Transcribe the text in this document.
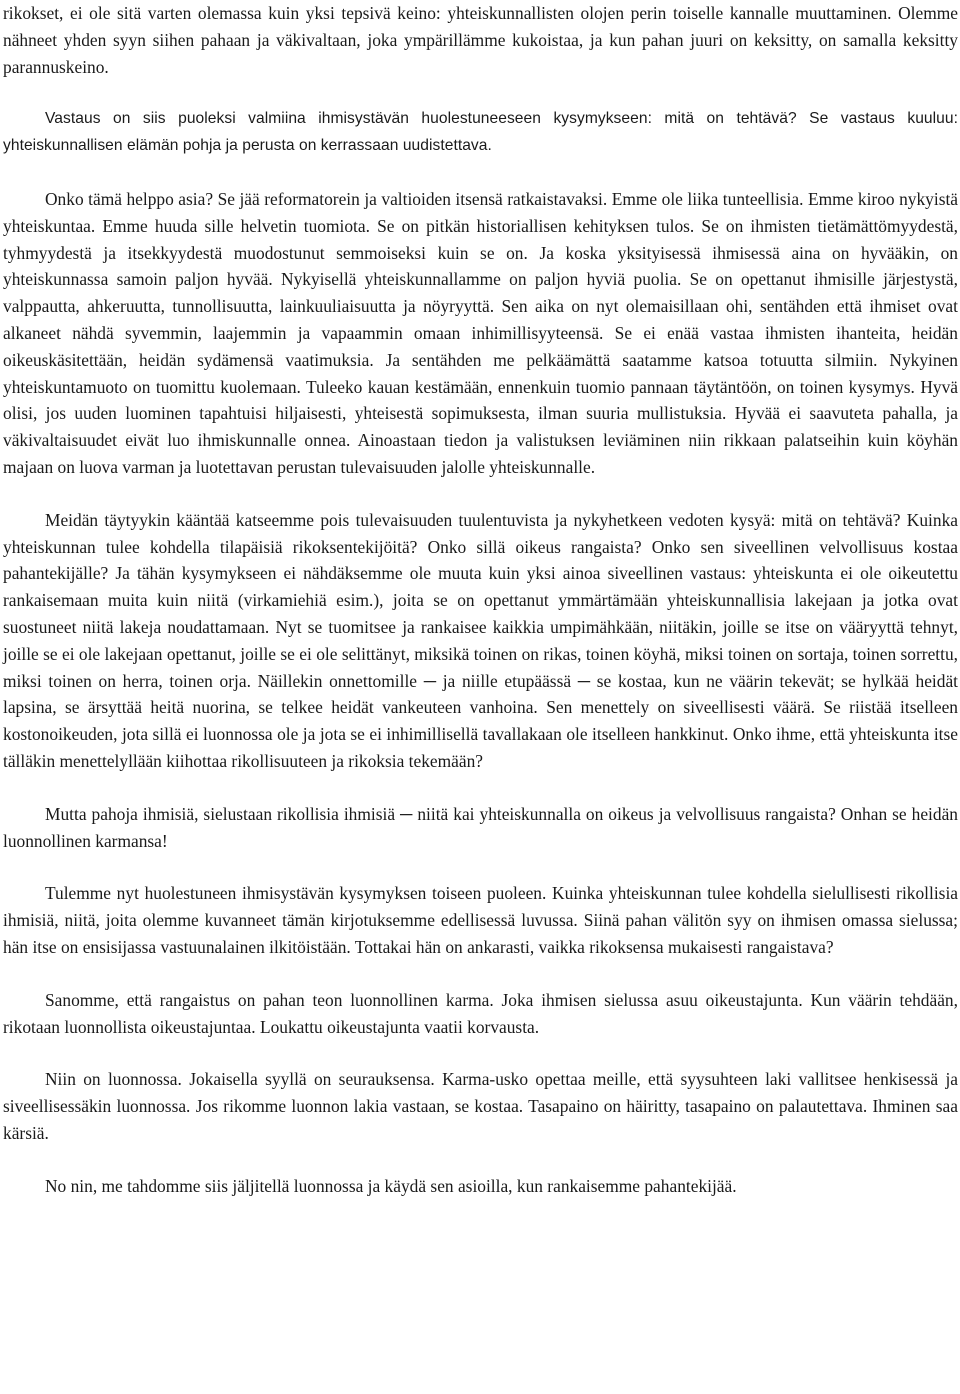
rikokset, ei ole sitä varten olemassa kuin yksi tepsivä keino: yhteiskunnallisten olojen perin toiselle kannalle muuttaminen. Olemme nähneet yhden syyn siihen pahaan ja väkivaltaan, joka ympärillämme kukoistaa, ja kun pahan juuri on keksitty, on samalla keksitty parannuskeino.

Vastaus on siis puoleksi valmiina ihmisystävän huolestuneeseen kysymykseen: mitä on tehtävä? Se vastaus kuuluu: yhteiskunnallisen elämän pohja ja perusta on kerrassaan uudistettava.

Onko tämä helppo asia? Se jää reformatorein ja valtioiden itsensä ratkaistavaksi. Emme ole liika tunteellisia. Emme kiroo nykyistä yhteiskuntaa. Emme huuda sille helvetin tuomiota. Se on pitkän historiallisen kehityksen tulos. Se on ihmisten tietämättömyydestä, tyhmyydestä ja itsekkyydestä muodostunut semmoiseksi kuin se on. Ja koska yksityisessä ihmisessä aina on hyvääkin, on yhteiskunnassa samoin paljon hyvää. Nykyisellä yhteiskunnallamme on paljon hyviä puolia. Se on opettanut ihmisille järjestystä, valppautta, ahkeruutta, tunnollisuutta, lainkuuliaisuutta ja nöyryyttä. Sen aika on nyt olemaisillaan ohi, sentähden että ihmiset ovat alkaneet nähdä syvemmin, laajemmin ja vapaammin omaan inhimillisyyteensä. Se ei enää vastaa ihmisten ihanteita, heidän oikeuskäsitettään, heidän sydämensä vaatimuksia. Ja sentähden me pelkäämättä saatamme katsoa totuutta silmiin. Nykyinen yhteiskuntamuoto on tuomittu kuolemaan. Tuleeko kauan kestämään, ennenkuin tuomio pannaan täytäntöön, on toinen kysymys. Hyvä olisi, jos uuden luominen tapahtuisi hiljaisesti, yhteisestä sopimuksesta, ilman suuria mullistuksia. Hyvää ei saavuteta pahalla, ja väkivaltaisuudet eivät luo ihmiskunnalle onnea. Ainoastaan tiedon ja valistuksen leviäminen niin rikkaan palatseihin kuin köyhän majaan on luova varman ja luotettavan perustan tulevaisuuden jalolle yhteiskunnalle.

Meidän täytyykin kääntää katseemme pois tulevaisuuden tuulentuvista ja nykyhetkeen vedoten kysyä: mitä on tehtävä? Kuinka yhteiskunnan tulee kohdella tilapäisiä rikoksentekijöitä? Onko sillä oikeus rangaista? Onko sen siveellinen velvollisuus kostaa pahantekijälle? Ja tähän kysymykseen ei nähdäksemme ole muuta kuin yksi ainoa siveellinen vastaus: yhteiskunta ei ole oikeutettu rankaisemaan muita kuin niitä (virkamiehiä esim.), joita se on opettanut ymmärtämään yhteiskunnallisia lakejaan ja jotka ovat suostuneet niitä lakeja noudattamaan. Nyt se tuomitsee ja rankaisee kaikkia umpimähkään, niitäkin, joille se itse on vääryyttä tehnyt, joille se ei ole lakejaan opettanut, joille se ei ole selittänyt, miksikä toinen on rikas, toinen köyhä, miksi toinen on sortaja, toinen sorrettu, miksi toinen on herra, toinen orja. Näillekin onnettomille ─ ja niille etupäässä ─ se kostaa, kun ne väärin tekevät; se hylkää heidät lapsina, se ärsyttää heitä nuorina, se telkee heidät vankeuteen vanhoina. Sen menettely on siveellisesti väärä. Se riistää itselleen kostonoikeuden, jota sillä ei luonnossa ole ja jota se ei inhimillisellä tavallakaan ole itselleen hankkinut. Onko ihme, että yhteiskunta itse tälläkin menettelyllään kiihottaa rikollisuuteen ja rikoksia tekemään?

Mutta pahoja ihmisiä, sielustaan rikollisia ihmisiä ─ niitä kai yhteiskunnalla on oikeus ja velvollisuus rangaista? Onhan se heidän luonnollinen karmansa!

Tulemme nyt huolestuneen ihmisystävän kysymyksen toiseen puoleen. Kuinka yhteiskunnan tulee kohdella sielullisesti rikollisia ihmisiä, niitä, joita olemme kuvanneet tämän kirjotuksemme edellisessä luvussa. Siinä pahan välitön syy on ihmisen omassa sielussa; hän itse on ensisijassa vastuunalainen ilkitöistään. Tottakai hän on ankarasti, vaikka rikoksensa mukaisesti rangaistava?

Sanomme, että rangaistus on pahan teon luonnollinen karma. Joka ihmisen sielussa asuu oikeustajunta. Kun väärin tehdään, rikotaan luonnollista oikeustajuntaa. Loukattu oikeustajunta vaatii korvausta.

Niin on luonnossa. Jokaisella syyllä on seurauksensa. Karma-usko opettaa meille, että syysuhteen laki vallitsee henkisessä ja siveellisessäkin luonnossa. Jos rikomme luonnon lakia vastaan, se kostaa. Tasapaino on häiritty, tasapaino on palautettava. Ihminen saa kärsiä.

No nin, me tahdomme siis jäljitellä luonnossa ja käydä sen asioilla, kun rankaisemme pahantekijää.
